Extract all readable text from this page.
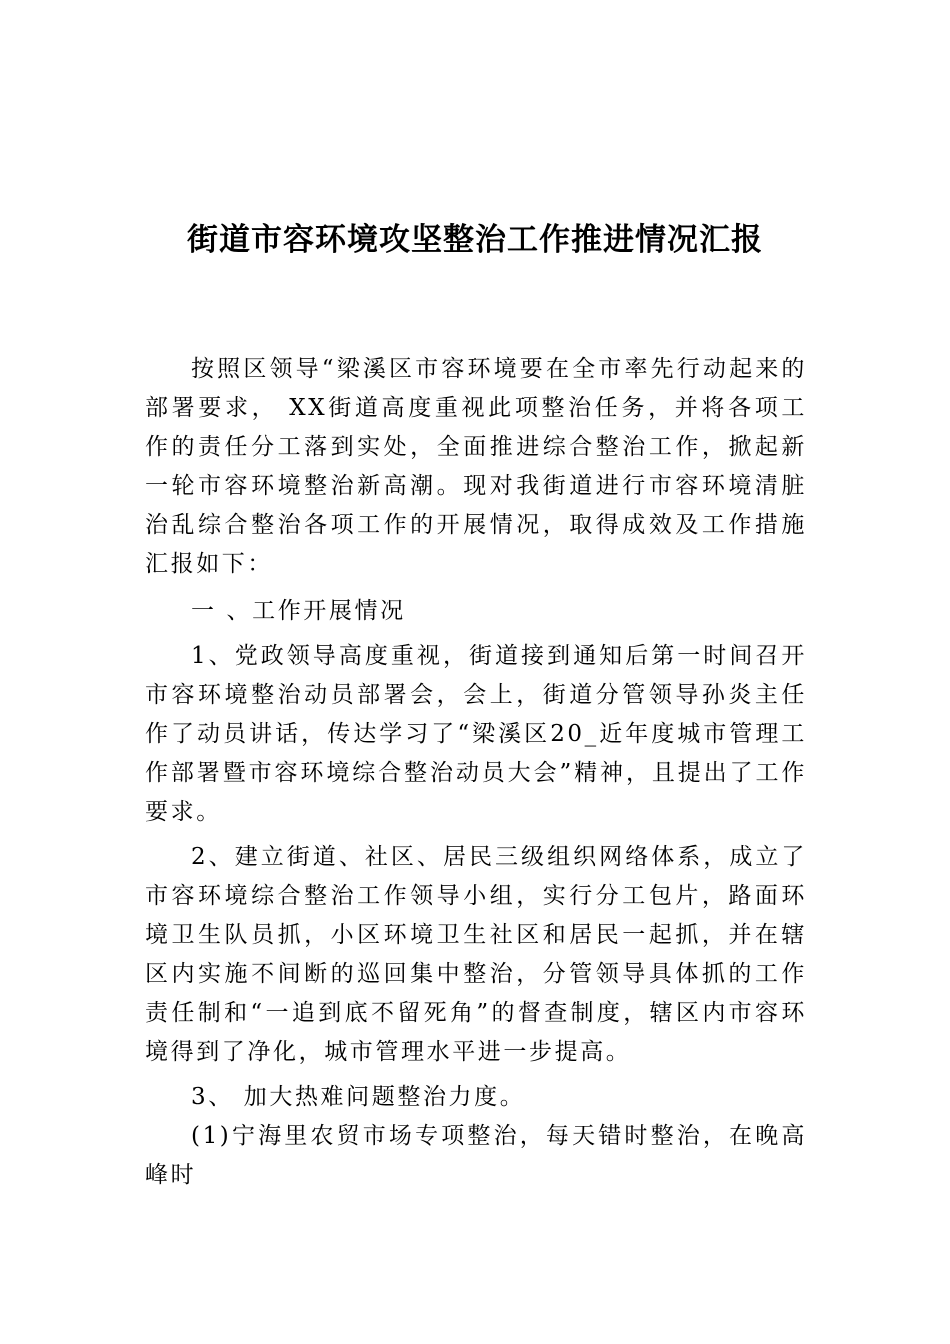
街道市容环境攻坚整治工作推进情况汇报

按照区领导“梁溪区市容环境要在全市率先行动起来的部署要求， XX街道高度重视此项整治任务，并将各项工作的责任分工落到实处，全面推进综合整治工作，掀起新一轮市容环境整治新高潮。现对我街道进行市容环境清脏治乱综合整治各项工作的开展情况，取得成效及工作措施汇报如下：

一 、工作开展情况

1、党政领导高度重视，街道接到通知后第一时间召开市容环境整治动员部署会，会上，街道分管领导孙炎主任作了动员讲话，传达学习了“梁溪区20_近年度城市管理工作部署暨市容环境综合整治动员大会”精神，且提出了工作要求。

2、建立街道、社区、居民三级组织网络体系，成立了市容环境综合整治工作领导小组，实行分工包片，路面环境卫生队员抓，小区环境卫生社区和居民一起抓，并在辖区内实施不间断的巡回集中整治，分管领导具体抓的工作责任制和“一追到底不留死角”的督查制度，辖区内市容环境得到了净化，城市管理水平进一步提高。

3、 加大热难问题整治力度。

(1)宁海里农贸市场专项整治，每天错时整治，在晚高峰时
